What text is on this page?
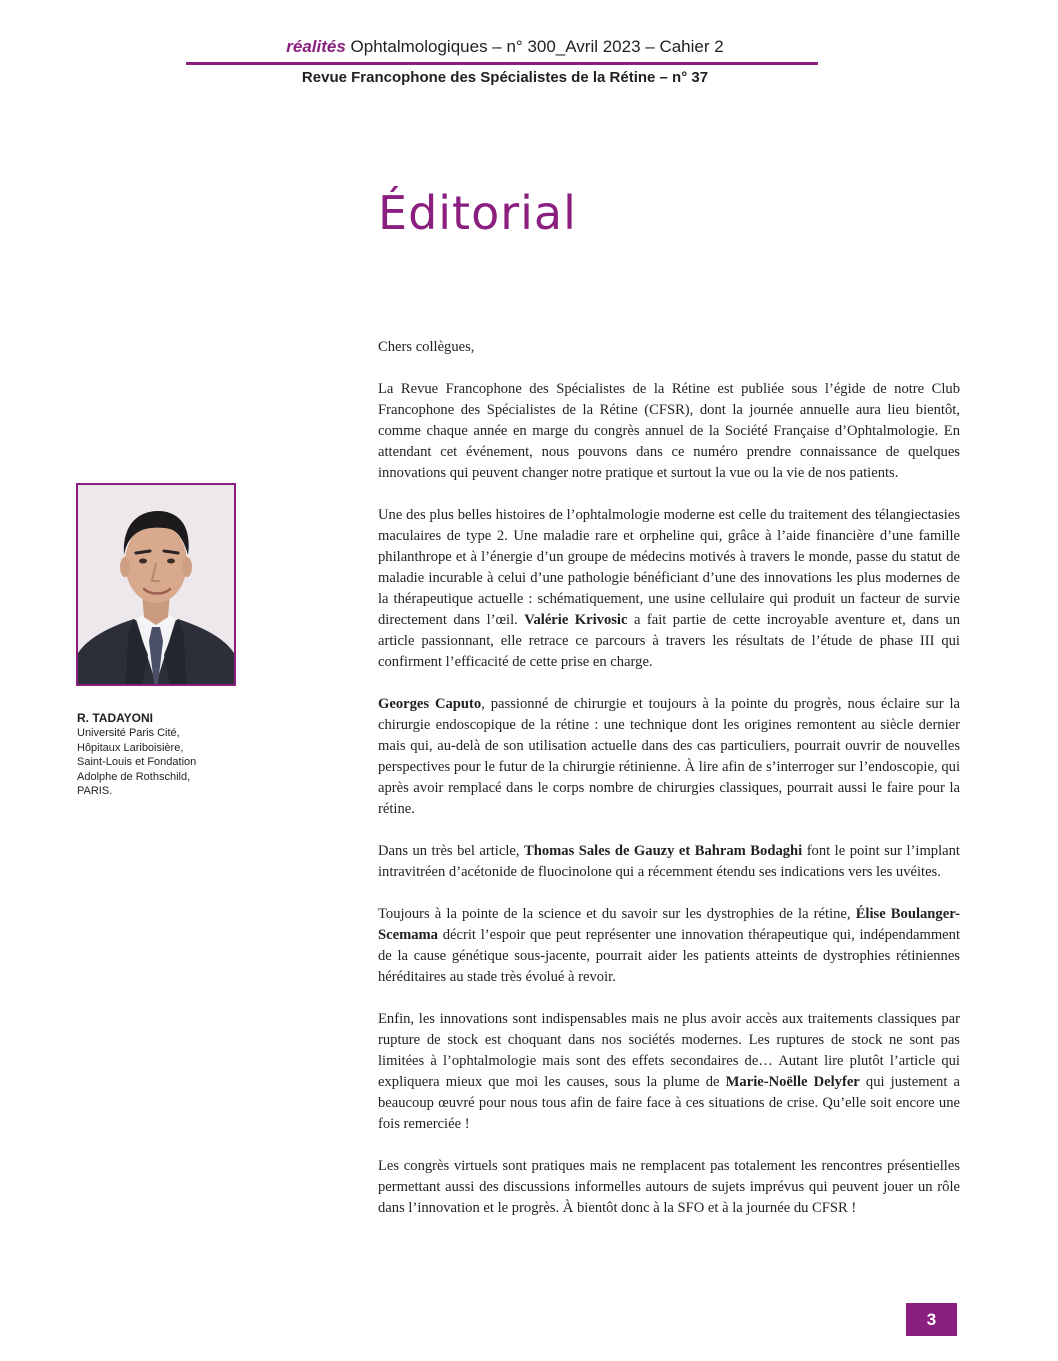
réalités Ophtalmologiques – n° 300_Avril 2023 – Cahier 2
Revue Francophone des Spécialistes de la Rétine – n° 37
Éditorial
R. TADAYONI
Université Paris Cité,
Hôpitaux Lariboisière,
Saint-Louis et Fondation
Adolphe de Rothschild,
PARIS.

Chers collègues,

La Revue Francophone des Spécialistes de la Rétine est publiée sous l’égide de notre Club Francophone des Spécialistes de la Rétine (CFSR), dont la journée annuelle aura lieu bientôt, comme chaque année en marge du congrès annuel de la Société Française d’Ophtalmologie. En attendant cet événement, nous pouvons dans ce numéro prendre connaissance de quelques innovations qui peuvent changer notre pratique et surtout la vue ou la vie de nos patients.

Une des plus belles histoires de l’ophtalmologie moderne est celle du traitement des télangiectasies maculaires de type 2. Une maladie rare et orpheline qui, grâce à l’aide financière d’une famille philanthrope et à l’énergie d’un groupe de médecins motivés à travers le monde, passe du statut de maladie incurable à celui d’une pathologie bénéficiant d’une des innovations les plus modernes de la thérapeutique actuelle : schématiquement, une usine cellulaire qui produit un facteur de survie directement dans l’œil. Valérie Krivosic a fait partie de cette incroyable aventure et, dans un article passionnant, elle retrace ce parcours à travers les résultats de l’étude de phase III qui confirment l’efficacité de cette prise en charge.

Georges Caputo, passionné de chirurgie et toujours à la pointe du progrès, nous éclaire sur la chirurgie endoscopique de la rétine : une technique dont les origines remontent au siècle dernier mais qui, au-delà de son utilisation actuelle dans des cas particuliers, pourrait ouvrir de nouvelles perspectives pour le futur de la chirurgie rétinienne. À lire afin de s’interroger sur l’endoscopie, qui après avoir remplacé dans le corps nombre de chirurgies classiques, pourrait aussi le faire pour la rétine.

Dans un très bel article, Thomas Sales de Gauzy et Bahram Bodaghi font le point sur l’implant intravitréen d’acétonide de fluocinolone qui a récemment étendu ses indications vers les uvéites.

Toujours à la pointe de la science et du savoir sur les dystrophies de la rétine, Élise Boulanger-Scemama décrit l’espoir que peut représenter une innovation thérapeutique qui, indépendamment de la cause génétique sous-jacente, pourrait aider les patients atteints de dystrophies rétiniennes héréditaires au stade très évolué à revoir.

Enfin, les innovations sont indispensables mais ne plus avoir accès aux traitements classiques par rupture de stock est choquant dans nos sociétés modernes. Les ruptures de stock ne sont pas limitées à l’ophtalmologie mais sont des effets secondaires de… Autant lire plutôt l’article qui expliquera mieux que moi les causes, sous la plume de Marie-Noëlle Delyfer qui justement a beaucoup œuvré pour nous tous afin de faire face à ces situations de crise. Qu’elle soit encore une fois remerciée !

Les congrès virtuels sont pratiques mais ne remplacent pas totalement les rencontres présentielles permettant aussi des discussions informelles autours de sujets imprévus qui peuvent jouer un rôle dans l’innovation et le progrès. À bientôt donc à la SFO et à la journée du CFSR !

3
